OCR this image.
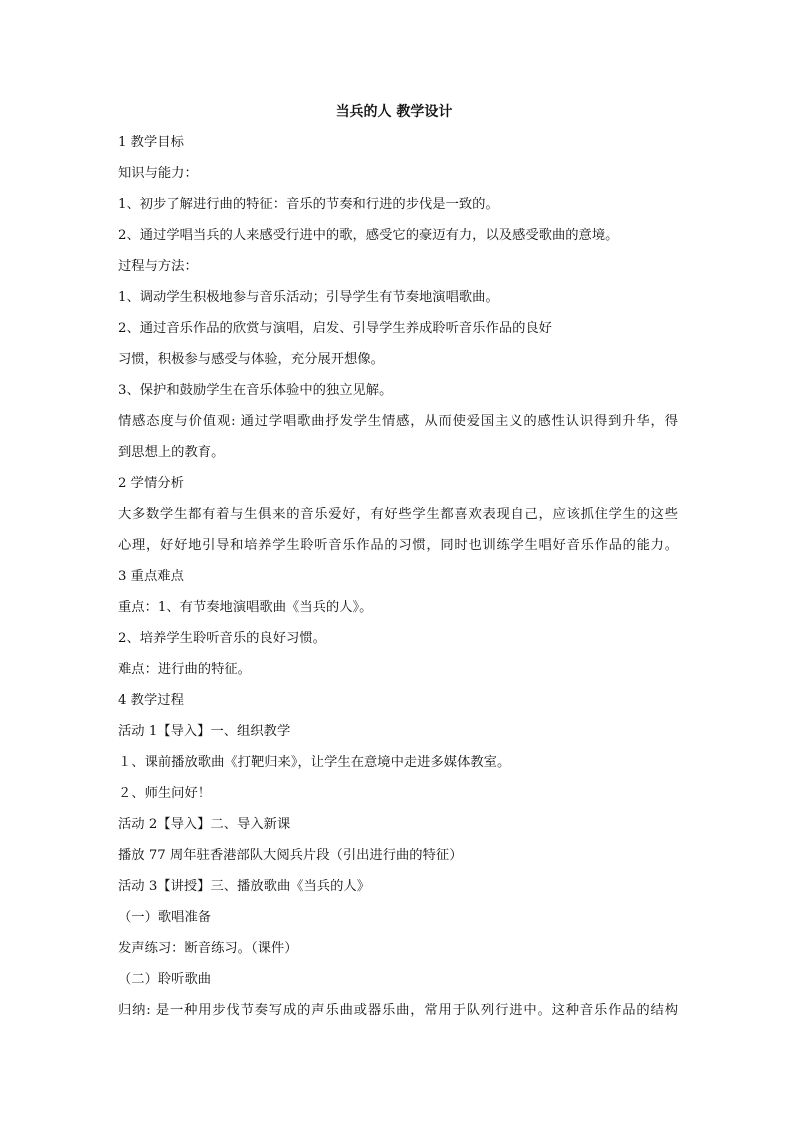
当兵的人 教学设计
1 教学目标
知识与能力：
1、初步了解进行曲的特征：音乐的节奏和行进的步伐是一致的。
2、通过学唱当兵的人来感受行进中的歌，感受它的豪迈有力，以及感受歌曲的意境。
过程与方法：
1、调动学生积极地参与音乐活动；引导学生有节奏地演唱歌曲。
2、通过音乐作品的欣赏与演唱，启发、引导学生养成聆听音乐作品的良好
习惯，积极参与感受与体验，充分展开想像。
3、保护和鼓励学生在音乐体验中的独立见解。
情感态度与价值观: 通过学唱歌曲抒发学生情感，从而使爱国主义的感性认识得到升华，得
到思想上的教育。
2 学情分析
大多数学生都有着与生俱来的音乐爱好，有好些学生都喜欢表现自己，应该抓住学生的这些
心理，好好地引导和培养学生聆听音乐作品的习惯，同时也训练学生唱好音乐作品的能力。
3 重点难点
重点：1、有节奏地演唱歌曲《当兵的人》。
2、培养学生聆听音乐的良好习惯。
难点：进行曲的特征。
4 教学过程
活动 1【导入】一、组织教学
１、课前播放歌曲《打靶归来》，让学生在意境中走进多媒体教室。
２、师生问好！
活动 2【导入】二、导入新课
播放 77 周年驻香港部队大阅兵片段（引出进行曲的特征）
活动 3【讲授】三、播放歌曲《当兵的人》
（一）歌唱准备
发声练习：断音练习。（课件）
（二）聆听歌曲
归纳: 是一种用步伐节奏写成的声乐曲或器乐曲，常用于队列行进中。这种音乐作品的结构
